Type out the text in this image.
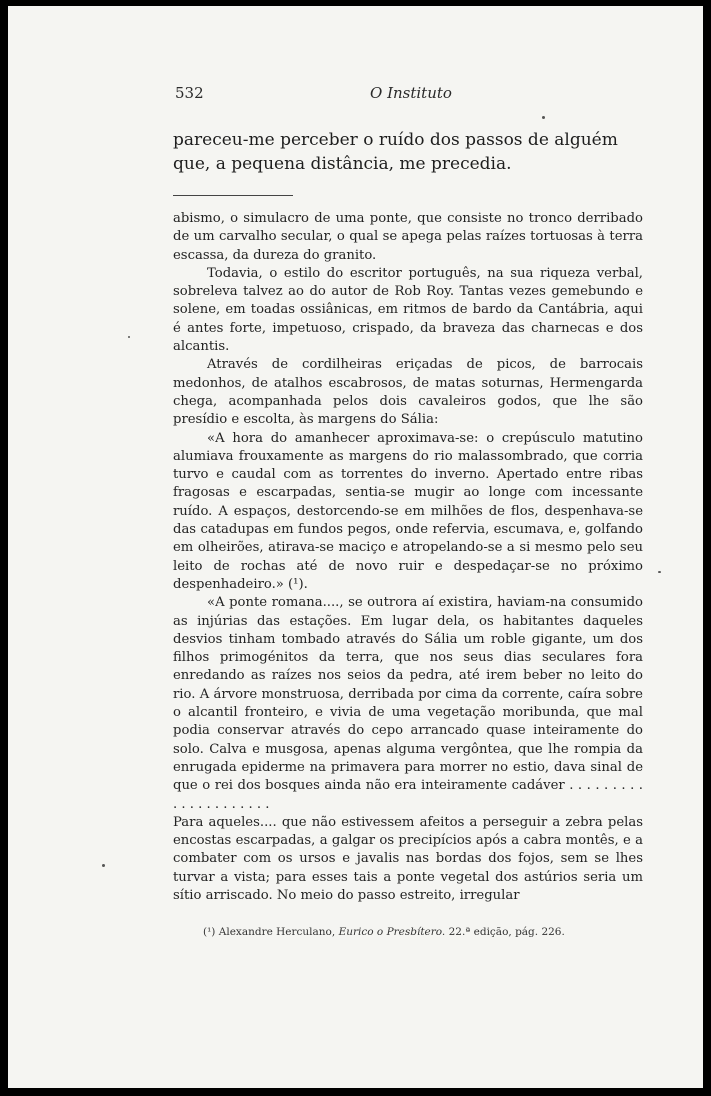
532	O Instituto
pareceu-me perceber o ruído dos passos de alguém que, a pequena distância, me precedia.

abismo, o simulacro de uma ponte, que consiste no tronco derribado de um carvalho secular, o qual se apega pelas raízes tortuosas à terra escassa, da dureza do granito.

Todavia, o estilo do escritor português, na sua riqueza verbal, sobreleva talvez ao do autor de Rob Roy. Tantas vezes gemebundo e solene, em toadas ossiânicas, em ritmos de bardo da Cantábria, aqui é antes forte, impetuoso, crispado, da braveza das charnecas e dos alcantis.

Através de cordilheiras eriçadas de picos, de barrocais medonhos, de atalhos escabrosos, de matas soturnas, Hermengarda chega, acompanhada pelos dois cavaleiros godos, que lhe são presídio e escolta, às margens do Sália:

«A hora do amanhecer aproximava-se: o crepúsculo matutino alumiava frouxamente as margens do rio malassombrado, que corria turvo e caudal com as torrentes do inverno. Apertado entre ribas fragosas e escarpadas, sentia-se mugir ao longe com incessante ruído. A espaços, destorcendo-se em milhões de flos, despenhava-se das catadupas em fundos pegos, onde refervia, escumava, e, golfando em olheirões, atirava-se maciço e atropelando-se a si mesmo pelo seu leito de rochas até de novo ruir e despedaçar-se no próximo despenhadeiro.» (¹).

«A ponte romana...., se outrora aí existira, haviam-na consumido as injúrias das estações. Em lugar dela, os habitantes daqueles desvios tinham tombado através do Sália um roble gigante, um dos filhos primogénitos da terra, que nos seus dias seculares fora enredando as raízes nos seios da pedra, até irem beber no leito do rio. A árvore monstruosa, derribada por cima da corrente, caíra sobre o alcantil fronteiro, e vivia de uma vegetação moribunda, que mal podia conservar através do cepo arrancado quase inteiramente do solo. Calva e musgosa, apenas alguma vergôntea, que lhe rompia da enrugada epiderme na primavera para morrer no estio, dava sinal de que o rei dos bosques ainda não era inteiramente cadáver . . . . . . . . . . . . . . . . . . . . .

Para aqueles.... que não estivessem afeitos a perseguir a zebra pelas encostas escarpadas, a galgar os precipícios após a cabra montês, e a combater com os ursos e javalis nas bordas dos fojos, sem se lhes turvar a vista; para esses tais a ponte vegetal dos astúrios seria um sítio arriscado. No meio do passo estreito, irregular

(¹) Alexandre Herculano, Eurico o Presbítero. 22.ª edição, pág. 226.
